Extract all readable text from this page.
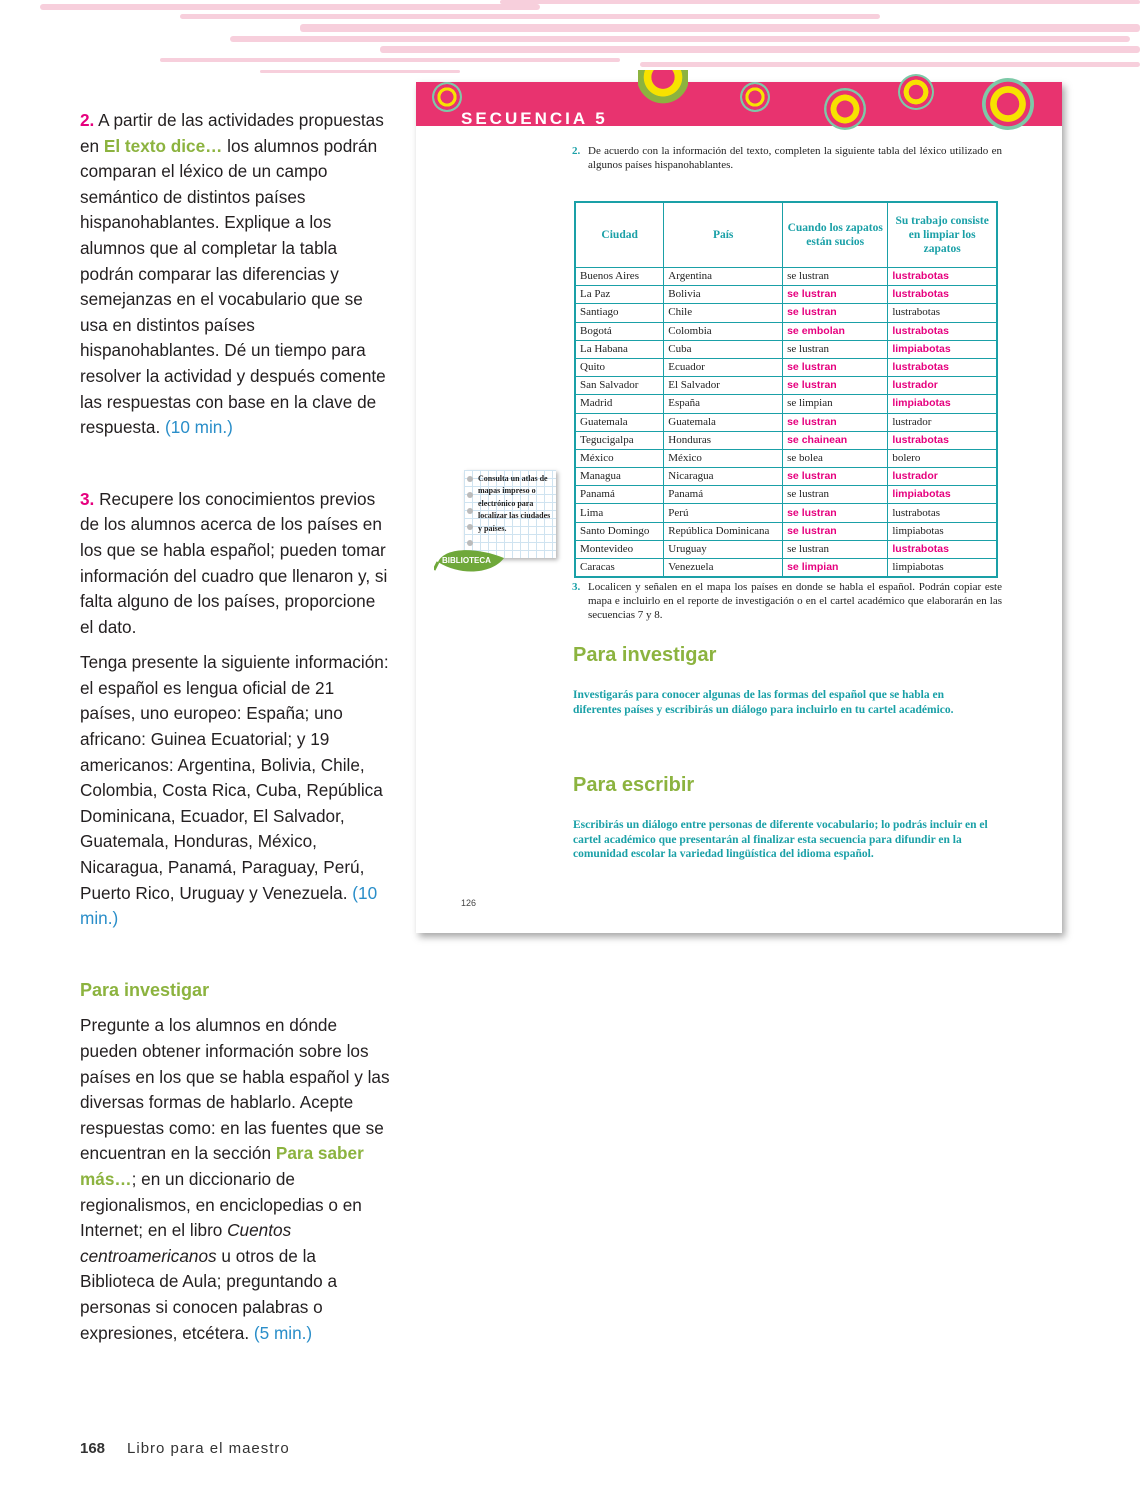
2. A partir de las actividades propuestas en El texto dice… los alumnos podrán comparan el léxico de un campo semántico de distintos países hispanohablantes. Explique a los alumnos que al completar la tabla podrán comparar las diferencias y semejanzas en el vocabulario que se usa en distintos países hispanohablantes. Dé un tiempo para resolver la actividad y después comente las respuestas con base en la clave de respuesta. (10 min.)

3. Recupere los conocimientos previos de los alumnos acerca de los países en los que se habla español; pueden tomar información del cuadro que llenaron y, si falta alguno de los países, proporcione el dato.

Tenga presente la siguiente información: el español es lengua oficial de 21 países, uno europeo: España; uno africano: Guinea Ecuatorial; y 19 americanos: Argentina, Bolivia, Chile, Colombia, Costa Rica, Cuba, República Dominicana, Ecuador, El Salvador, Guatemala, Honduras, México, Nicaragua, Panamá, Paraguay, Perú, Puerto Rico, Uruguay y Venezuela. (10 min.)

Para investigar

Pregunte a los alumnos en dónde pueden obtener información sobre los países en los que se habla español y las diversas formas de hablarlo. Acepte respuestas como: en las fuentes que se encuentran en la sección Para saber más…; en un diccionario de regionalismos, en enciclopedias o en Internet; en el libro Cuentos centroamericanos u otros de la Biblioteca de Aula; preguntando a personas si conocen palabras o expresiones, etcétera. (5 min.)

168 Libro para el maestro
SECUENCIA 5
2. De acuerdo con la información del texto, completen la siguiente tabla del léxico utilizado en algunos países hispanohablantes.
Ciudad	País	Cuando los zapatos están sucios	Su trabajo consiste en limpiar los zapatos
Buenos Aires	Argentina	se lustran	lustrabotas
La Paz	Bolivia	se lustran	lustrabotas
Santiago	Chile	se lustran	lustrabotas
Bogotá	Colombia	se embolan	lustrabotas
La Habana	Cuba	se lustran	limpiabotas
Quito	Ecuador	se lustran	lustrabotas
San Salvador	El Salvador	se lustran	lustrador
Madrid	España	se limpian	limpiabotas
Guatemala	Guatemala	se lustran	lustrador
Tegucigalpa	Honduras	se chainean	lustrabotas
México	México	se bolea	bolero
Managua	Nicaragua	se lustran	lustrador
Panamá	Panamá	se lustran	limpiabotas
Lima	Perú	se lustran	lustrabotas
Santo Domingo	República Dominicana	se lustran	limpiabotas
Montevideo	Uruguay	se lustran	lustrabotas
Caracas	Venezuela	se limpian	limpiabotas
Consulta un atlas de mapas impreso o electrónico para localizar las ciudades y países.
BIBLIOTECA
3. Localicen y señalen en el mapa los países en donde se habla el español. Podrán copiar este mapa e incluirlo en el reporte de investigación o en el cartel académico que elaborarán en las secuencias 7 y 8.
Para investigar
Investigarás para conocer algunas de las formas del español que se habla en diferentes países y escribirás un diálogo para incluirlo en tu cartel académico.
Para escribir
Escribirás un diálogo entre personas de diferente vocabulario; lo podrás incluir en el cartel académico que presentarán al finalizar esta secuencia para difundir en la comunidad escolar la variedad lingüística del idioma español.
126
